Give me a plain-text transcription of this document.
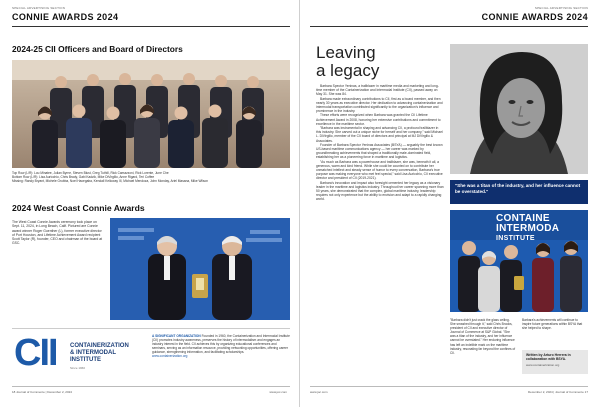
SPECIAL ADVERTISING SECTION
CONNIE AWARDS 2024
2024-25 CII Officers and Board of Directors
Top Row (L/R): Lou Minatee, Julian Byrne, Steven Blust, Greg Tuthill, Rick Camazzoni, Rick Lorente, June Che
Bottom Row (L/R): Lisa Auricchio, Chris Brady, Gabi Kadzik, Mike DiVirgilio, Anne Rigard, Teri Coffee
Missing: Randy Bryant, Michele Grubba, Noel Hacegaba, Kendall Kelloway III, Michael Mendoza, John Monday, Ariel Masana, Mike Wilson
2024 West Coast Connie Awards
The West Coast Connie Awards ceremony took place on Sept. 11, 2024, in Long Beach, Calif. Pictured are Connie award winner Roger Guenther (L), former executive director of Port Houston, and Lifetime Achievement Award recipient Scott Taylor (R), founder, CEO and chairman of the board at GSC.
CII CONTAINERIZATION
& INTERMODAL
INSTITUTE
Since 1960
A SIGNIFICANT ORGANIZATION Founded in 1960, the Containerization and Intermodal Institute (CII) promotes industry awareness, preserves the history of intermodalism and engages an industry interest in the field. CII achieves this by organizing educational conferences and seminars, serving as an information resource, providing networking opportunities, offering career guidance, strengthening information, and facilitating scholarships.
www.containerization.org
18 Journal of Commerce | December 2, 2024	www.joc.com
SPECIAL ADVERTISING SECTION
CONNIE AWARDS 2024
Leaving
a legacy

Barbara Spector Yeninas, a trailblazer in maritime media and marketing and long-time member of the Containerization and Intermodal Institute (CII), passed away on May 31. She was 84.

Barbara made extraordinary contributions to CII, first as a board member, and then nearly 30 years as executive director. Her dedication to advancing containerization and intermodal transportation contributed significantly to the organization's influence and prominence in the industry.

These efforts were recognized when Barbara was granted the CII Lifetime Achievement Award in 2008, honoring her extensive contributions and commitment to excellence in the maritime sector.

"Barbara was instrumental in shaping and advancing CII, a profound trailblazer in this industry. She carved out a unique niche for herself and her company," said Michael L. DiVirgilio, member of the CII board of directors and principal at MJ DiVirgilio & Associates.

Founder of Barbara Spector Yeninas Associates (BSYA) — arguably the best known US-based maritime communications agency — her career was marked by groundbreaking achievements that shaped a traditionally male-dominated field, establishing her as a pioneering force in maritime and logistics.

"As much as Barbara was a powerhouse and trailblazer, she was, beneath it all, a generous, warm and kind friend. While she could be counted on to contribute her unmatched intellect and steady sense of humor to every conversation, Barbara's true purpose was making everyone who met feel special," said Lisa Auricchio, CII executive director and president of CII (2019-2021).

Barbara's innovation and impact also foresight cemented her legacy as a visionary leader in the maritime and logistics industry. Throughout her career spanning more than 50 years, she demonstrated that the complex, global maritime industry, leadership requires not only experience but the ability to envision and adapt to a rapidly changing world.

"She was a titan of the industry, and her influence cannot be overstated."
CONTAINE
INTERMODA
INSTITUTE
"Barbara didn't just crack the glass ceiling. She smashed through it," said Chris Brooks, president of CII and executive director of Journal of Commerce at S&P Global. "She was a titan of the industry, and her influence cannot be overstated." Her enduring influence has left an indelible mark on the maritime industry, resonating far beyond the confines of CII.
Barbara's achievements will continue to inspire future generations within BSYA that she helped to shape.
Written by Arturo Herrera in
collaboration with BSYA.
www.containerization.org
www.joc.com	December 2, 2024 | Journal of Commerce 17
